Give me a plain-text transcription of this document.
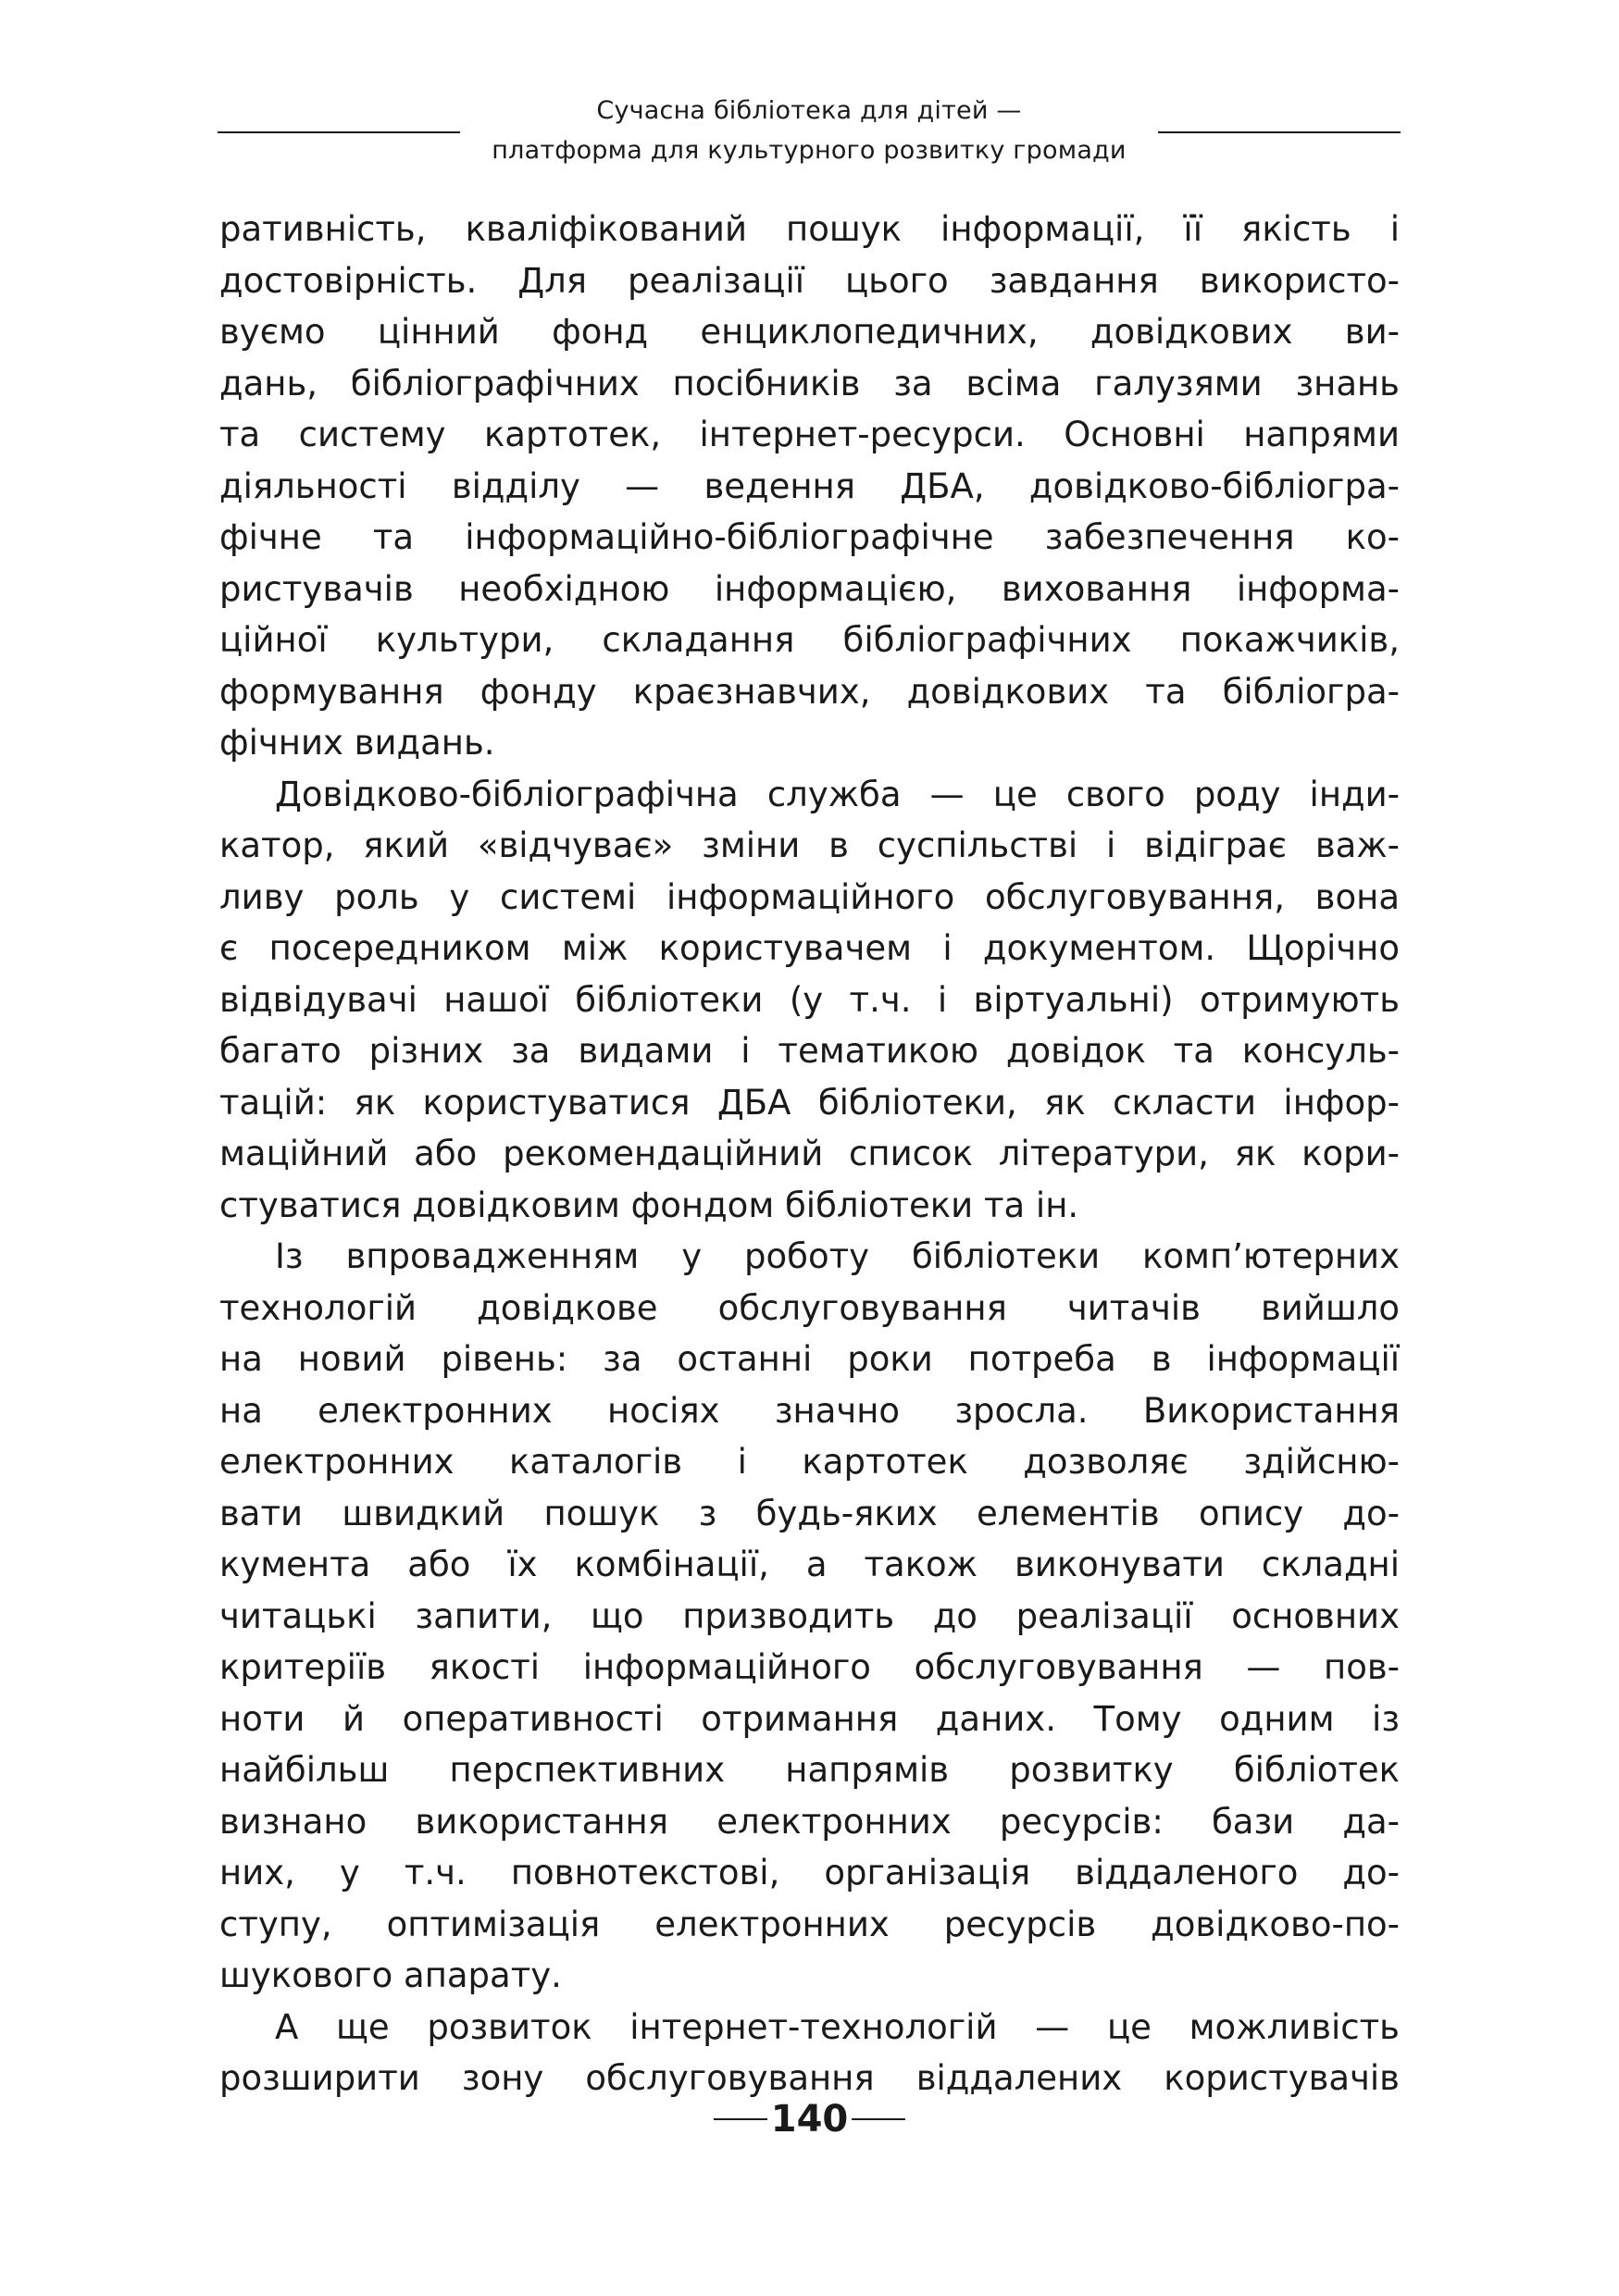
Сучасна бібліотека для дітей —
платформа для культурного розвитку громади
ративність, кваліфікований пошук інформації, її якість і
достовірність. Для реалізації цього завдання використо-
вуємо цінний фонд енциклопедичних, довідкових ви-
дань, бібліографічних посібників за всіма галузями знань
та систему картотек, інтернет-ресурси. Основні напрями
діяльності відділу — ведення ДБА, довідково-бібліогра-
фічне та інформаційно-бібліографічне забезпечення ко-
ристувачів необхідною інформацією, виховання інформа-
ційної культури, складання бібліографічних покажчиків,
формування фонду краєзнавчих, довідкових та бібліогра-
фічних видань.
Довідково-бібліографічна служба — це свого роду інди-
катор, який «відчуває» зміни в суспільстві і відіграє важ-
ливу роль у системі інформаційного обслуговування, вона
є посередником між користувачем і документом. Щорічно
відвідувачі нашої бібліотеки (у т.ч. і віртуальні) отримують
багато різних за видами і тематикою довідок та консуль-
тацій: як користуватися ДБА бібліотеки, як скласти інфор-
маційний або рекомендаційний список літератури, як кори-
стуватися довідковим фондом бібліотеки та ін.
Із впровадженням у роботу бібліотеки комп’ютерних
технологій довідкове обслуговування читачів вийшло
на новий рівень: за останні роки потреба в інформації
на електронних носіях значно зросла. Використання
електронних каталогів і картотек дозволяє здійсню-
вати швидкий пошук з будь-яких елементів опису до-
кумента або їх комбінації, а також виконувати складні
читацькі запити, що призводить до реалізації основних
критеріїв якості інформаційного обслуговування — пов-
ноти й оперативності отримання даних. Тому одним із
найбільш перспективних напрямів розвитку бібліотек
визнано використання електронних ресурсів: бази да-
них, у т.ч. повнотекстові, організація віддаленого до-
ступу, оптимізація електронних ресурсів довідково-по-
шукового апарату.
А ще розвиток інтернет-технологій — це можливість
розширити зону обслуговування віддалених користувачів
140
